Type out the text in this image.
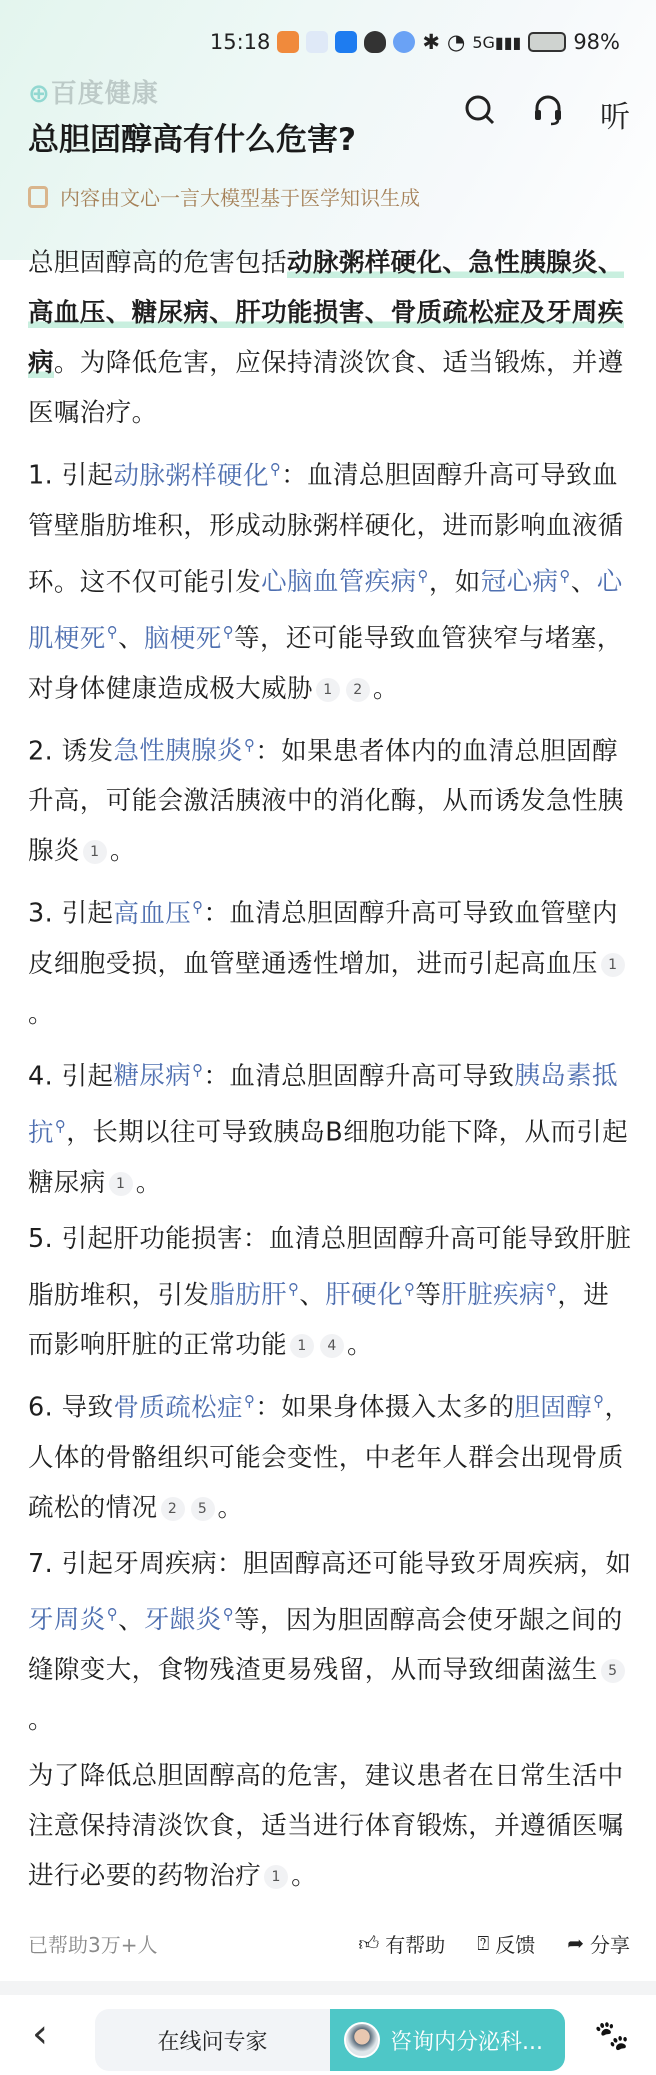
15:18	✱ ◔ 5G▮▮▮ 98%
⊕百度健康
总胆固醇高有什么危害?
听
内容由文心一言大模型基于医学知识生成

总胆固醇高的危害包括动脉粥样硬化、急性胰腺炎、高血压、糖尿病、肝功能损害、骨质疏松症及牙周疾病。为降低危害，应保持清淡饮食、适当锻炼，并遵医嘱治疗。

1. 引起动脉粥样硬化⚲：血清总胆固醇升高可导致血管壁脂肪堆积，形成动脉粥样硬化，进而影响血液循环。这不仅可能引发心脑血管疾病⚲，如冠心病⚲、心肌梗死⚲、脑梗死⚲等，还可能导致血管狭窄与堵塞，对身体健康造成极大威胁 1 2 。

2. 诱发急性胰腺炎⚲：如果患者体内的血清总胆固醇升高，可能会激活胰液中的消化酶，从而诱发急性胰腺炎 1 。

3. 引起高血压⚲：血清总胆固醇升高可导致血管壁内皮细胞受损，血管壁通透性增加，进而引起高血压 1。

4. 引起糖尿病⚲：血清总胆固醇升高可导致胰岛素抵抗⚲，长期以往可导致胰岛B细胞功能下降，从而引起糖尿病 1 。

5. 引起肝功能损害：血清总胆固醇升高可能导致肝脏脂肪堆积，引发脂肪肝⚲、肝硬化⚲等肝脏疾病⚲，进而影响肝脏的正常功能 1 4 。

6. 导致骨质疏松症⚲：如果身体摄入太多的胆固醇⚲，人体的骨骼组织可能会变性，中老年人群会出现骨质疏松的情况 2 5 。

7. 引起牙周疾病：胆固醇高还可能导致牙周疾病，如牙周炎⚲、牙龈炎⚲等，因为胆固醇高会使牙龈之间的缝隙变大，食物残渣更易残留，从而导致细菌滋生 5。

为了降低总胆固醇高的危害，建议患者在日常生活中注意保持清淡饮食，适当进行体育锻炼，并遵循医嘱进行必要的药物治疗 1 。

已帮助3万+人	👍︎ 有帮助 ⍰ 反馈 ➦ 分享
‹	在线问专家	咨询内分泌科... 🐾︎
